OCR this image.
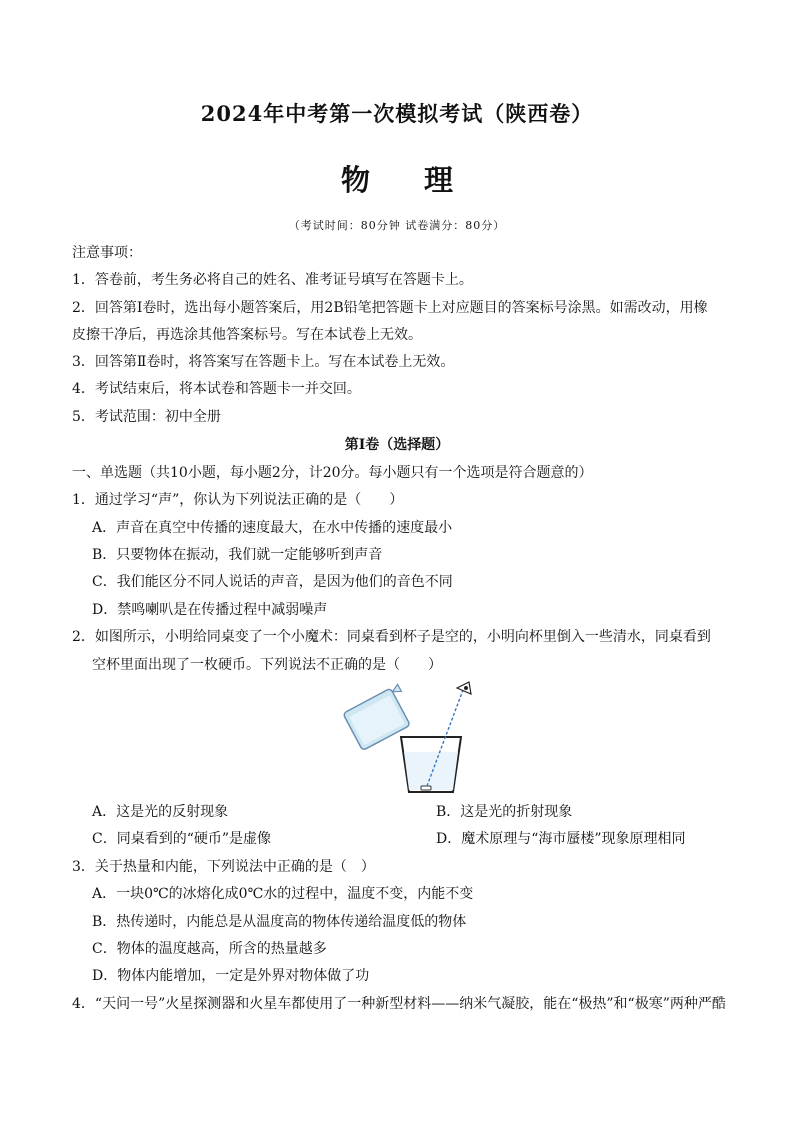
2024年中考第一次模拟考试（陕西卷）
物 理
（考试时间：80分钟 试卷满分：80分）
注意事项：
1．答卷前，考生务必将自己的姓名、准考证号填写在答题卡上。
2．回答第Ⅰ卷时，选出每小题答案后，用2B铅笔把答题卡上对应题目的答案标号涂黑。如需改动，用橡
皮擦干净后，再选涂其他答案标号。写在本试卷上无效。
3．回答第Ⅱ卷时，将答案写在答题卡上。写在本试卷上无效。
4．考试结束后，将本试卷和答题卡一并交回。
5．考试范围：初中全册
第Ⅰ卷（选择题）
一、单选题（共10小题，每小题2分，计20分。每小题只有一个选项是符合题意的）
1．通过学习“声”，你认为下列说法正确的是（　　）
A．声音在真空中传播的速度最大，在水中传播的速度最小
B．只要物体在振动，我们就一定能够听到声音
C．我们能区分不同人说话的声音，是因为他们的音色不同
D．禁鸣喇叭是在传播过程中减弱噪声
2．如图所示，小明给同桌变了一个小魔术：同桌看到杯子是空的，小明向杯里倒入一些清水，同桌看到
空杯里面出现了一枚硬币。下列说法不正确的是（　　）
A．这是光的反射现象	B．这是光的折射现象
C．同桌看到的“硬币”是虚像	D．魔术原理与“海市蜃楼”现象原理相同
3．关于热量和内能，下列说法中正确的是（　）
A．一块0℃的冰熔化成0℃水的过程中，温度不变，内能不变
B．热传递时，内能总是从温度高的物体传递给温度低的物体
C．物体的温度越高，所含的热量越多
D．物体内能增加，一定是外界对物体做了功
4．“天问一号”火星探测器和火星车都使用了一种新型材料——纳米气凝胶，能在“极热”和“极寒”两种严酷
